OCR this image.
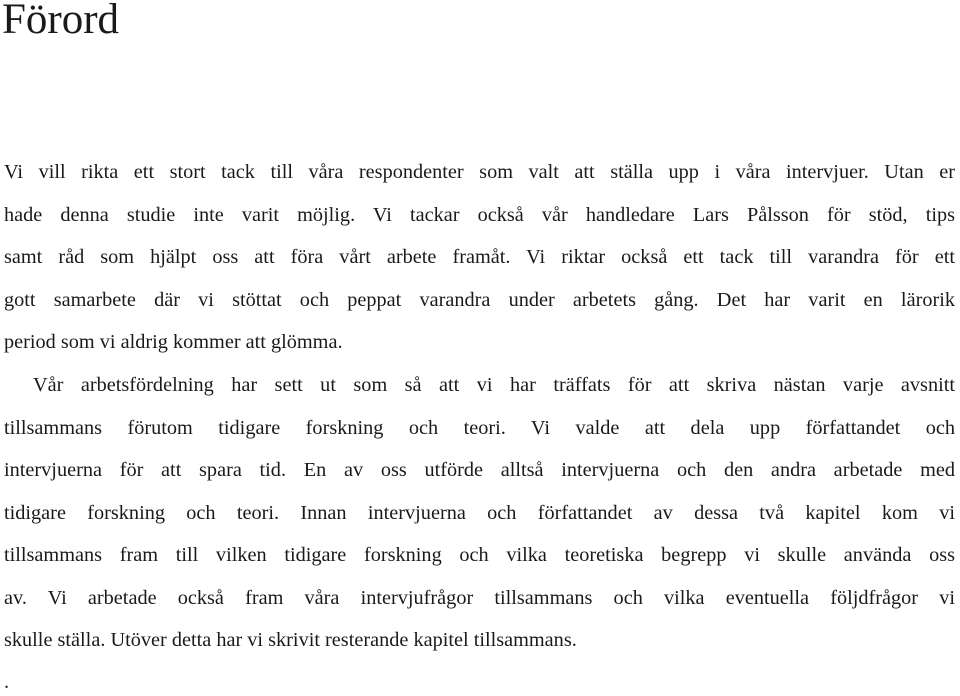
Förord
Vi vill rikta ett stort tack till våra respondenter som valt att ställa upp i våra intervjuer. Utan er
hade denna studie inte varit möjlig. Vi tackar också vår handledare Lars Pålsson för stöd, tips
samt råd som hjälpt oss att föra vårt arbete framåt. Vi riktar också ett tack till varandra för ett
gott samarbete där vi stöttat och peppat varandra under arbetets gång. Det har varit en lärorik
period som vi aldrig kommer att glömma.
Vår arbetsfördelning har sett ut som så att vi har träffats för att skriva nästan varje avsnitt
tillsammans förutom tidigare forskning och teori. Vi valde att dela upp författandet och
intervjuerna för att spara tid. En av oss utförde alltså intervjuerna och den andra arbetade med
tidigare forskning och teori. Innan intervjuerna och författandet av dessa två kapitel kom vi
tillsammans fram till vilken tidigare forskning och vilka teoretiska begrepp vi skulle använda oss
av. Vi arbetade också fram våra intervjufrågor tillsammans och vilka eventuella följdfrågor vi
skulle ställa. Utöver detta har vi skrivit resterande kapitel tillsammans.
.
